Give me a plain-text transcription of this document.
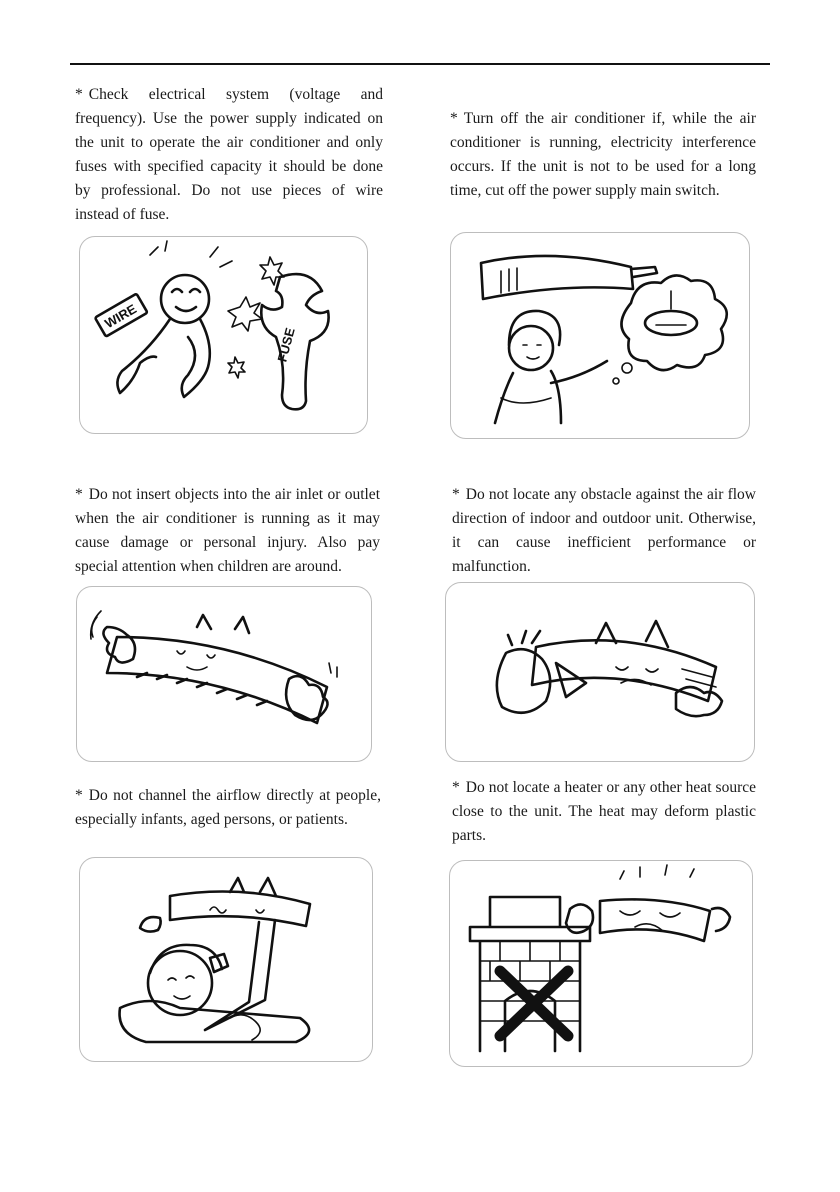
* Check electrical system (voltage and frequency). Use the power supply indicated on the unit to operate the air conditioner and only fuses with specified capacity it should be done by professional. Do not use pieces of wire instead of fuse.

WIRE
FUSE

* Turn off the air conditioner if, while the air conditioner is running, electricity interference occurs. If the unit is not to be used for a long time, cut off the power supply main switch.

* Do not insert objects into the air inlet or outlet when the air conditioner is running as it may cause damage or personal injury. Also pay special attention when children are around.

* Do not locate any obstacle against the air flow direction of indoor and outdoor unit. Otherwise, it can cause inefficient performance or malfunction.

* Do not channel the airflow directly at people, especially infants, aged persons, or patients.

* Do not locate a heater or any other heat source close to the unit. The heat may deform plastic parts.
